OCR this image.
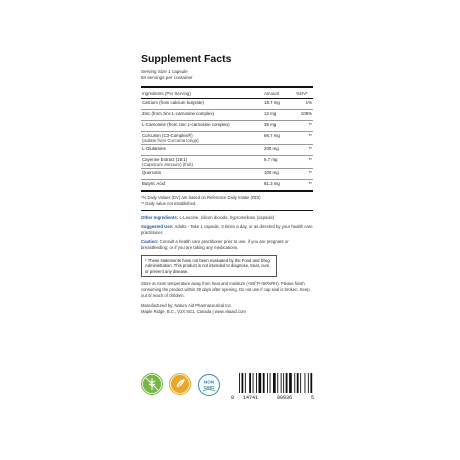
Supplement Facts
Serving Size 1 capsule
84 servings per container
Ingredients (Per Serving)	Amount	%DV*
Calcium (from calcium butyrate)	18.7 mg	1%
Zinc (from zinc L-carnosine complex)	12 mg	109%
L-Carnosine (from zinc L-carnosine complex)	38 mg	**
Curcumin (C3-Complex®)
(isolate from Curcuma longa)	66.7 mg	**
L-Glutamine	200 mg	**
Cayenne Extract (18:1)
(Capsicum annuum) (fruit)	6.7 mg	**
Quercetin	100 mg	**
Butyric Acid	81.3 mg	**
*% Daily Values (DV) are based on Reference Daily Intake (RDI)
** Daily value not established.
Other Ingredients: L-Leucine, silicon dioxide, hypromellose (capsule)
Suggested Use: Adults - Take 1 capsule, 3 times a day, or as directed by your health care practitioner.
Caution: Consult a health care practitioner prior to use, if you are pregnant or breastfeeding; or if you are taking any medications.
* These statements have not been evaluated by the Food and Drug Administration. This product is not intended to diagnose, treat, cure, or prevent any disease.
Store at room temperature away from heat and moisture (<85°F/<60%RH). Please finish consuming the product within 30 days after opening. Do not use if cap seal is broken. Keep out of reach of children.
Manufactured by: Naturo Aid Pharmaceutical Inc.
Maple Ridge, B.C., V2X 8G1, Canada | www.vitaaid.com
NON
GMO
8 14741	00936	5
